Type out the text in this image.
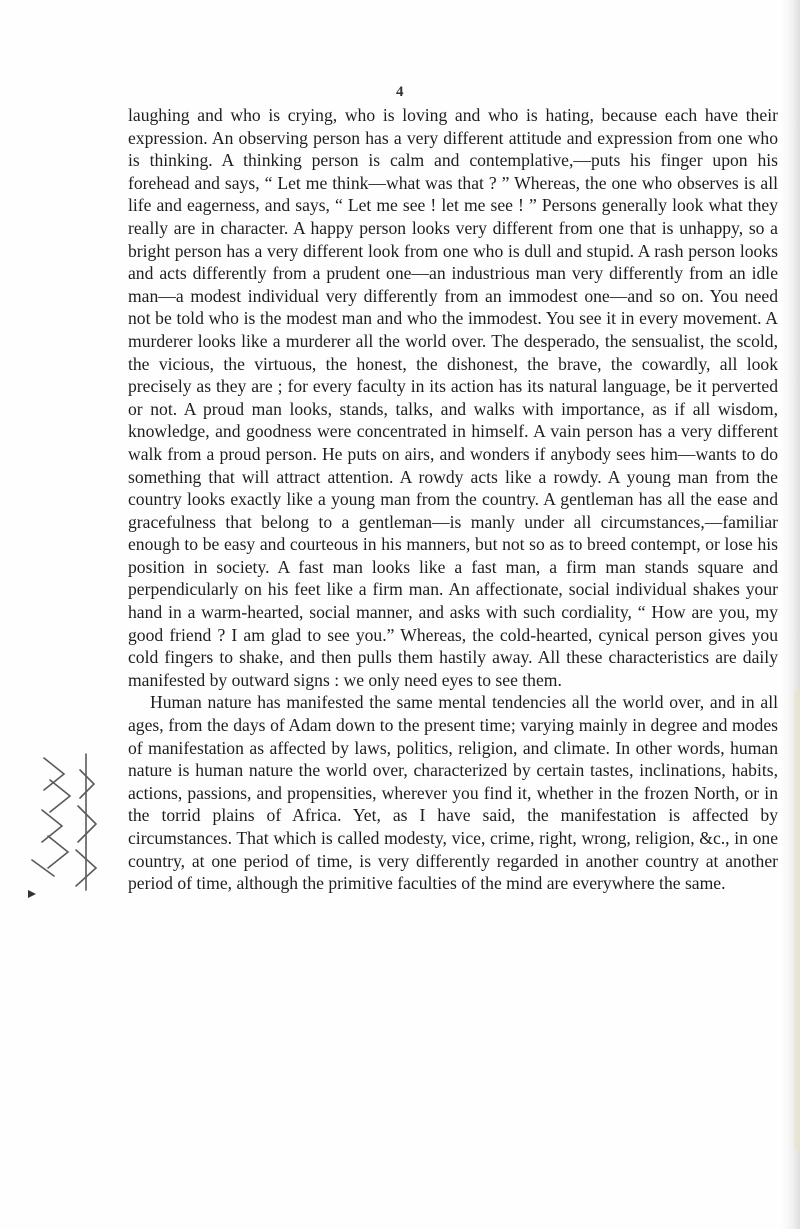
4

laughing and who is crying, who is loving and who is hating, because each have their expression. An observing person has a very different attitude and expression from one who is thinking. A thinking person is calm and contemplative,—puts his finger upon his forehead and says, “ Let me think—what was that ? ” Whereas, the one who observes is all life and eagerness, and says, “ Let me see ! let me see ! ” Persons generally look what they really are in character. A happy person looks very different from one that is unhappy, so a bright person has a very different look from one who is dull and stupid. A rash person looks and acts differently from a prudent one—an industrious man very differently from an idle man—a modest individual very differently from an immodest one—and so on. You need not be told who is the modest man and who the immodest. You see it in every movement. A murderer looks like a murderer all the world over. The desperado, the sensualist, the scold, the vicious, the virtuous, the honest, the dishonest, the brave, the cowardly, all look precisely as they are ; for every faculty in its action has its natural language, be it perverted or not. A proud man looks, stands, talks, and walks with importance, as if all wisdom, knowledge, and goodness were concentrated in himself. A vain person has a very different walk from a proud person. He puts on airs, and wonders if anybody sees him—wants to do something that will attract attention. A rowdy acts like a rowdy. A young man from the country looks exactly like a young man from the country. A gentleman has all the ease and gracefulness that belong to a gentleman—is manly under all circumstances,—familiar enough to be easy and courteous in his manners, but not so as to breed contempt, or lose his position in society. A fast man looks like a fast man, a firm man stands square and perpendicularly on his feet like a firm man. An affectionate, social individual shakes your hand in a warm-hearted, social manner, and asks with such cordiality, “ How are you, my good friend ? I am glad to see you.” Whereas, the cold-hearted, cynical person gives you cold fingers to shake, and then pulls them hastily away. All these characteristics are daily manifested by outward signs : we only need eyes to see them.

Human nature has manifested the same mental tendencies all the world over, and in all ages, from the days of Adam down to the present time; varying mainly in degree and modes of manifestation as affected by laws, politics, religion, and climate. In other words, human nature is human nature the world over, characterized by certain tastes, inclinations, habits, actions, passions, and propensities, wherever you find it, whether in the frozen North, or in the torrid plains of Africa. Yet, as I have said, the manifestation is affected by circumstances. That which is called modesty, vice, crime, right, wrong, religion, &c., in one country, at one period of time, is very differently regarded in another country at another period of time, although the primitive faculties of the mind are everywhere the same.
